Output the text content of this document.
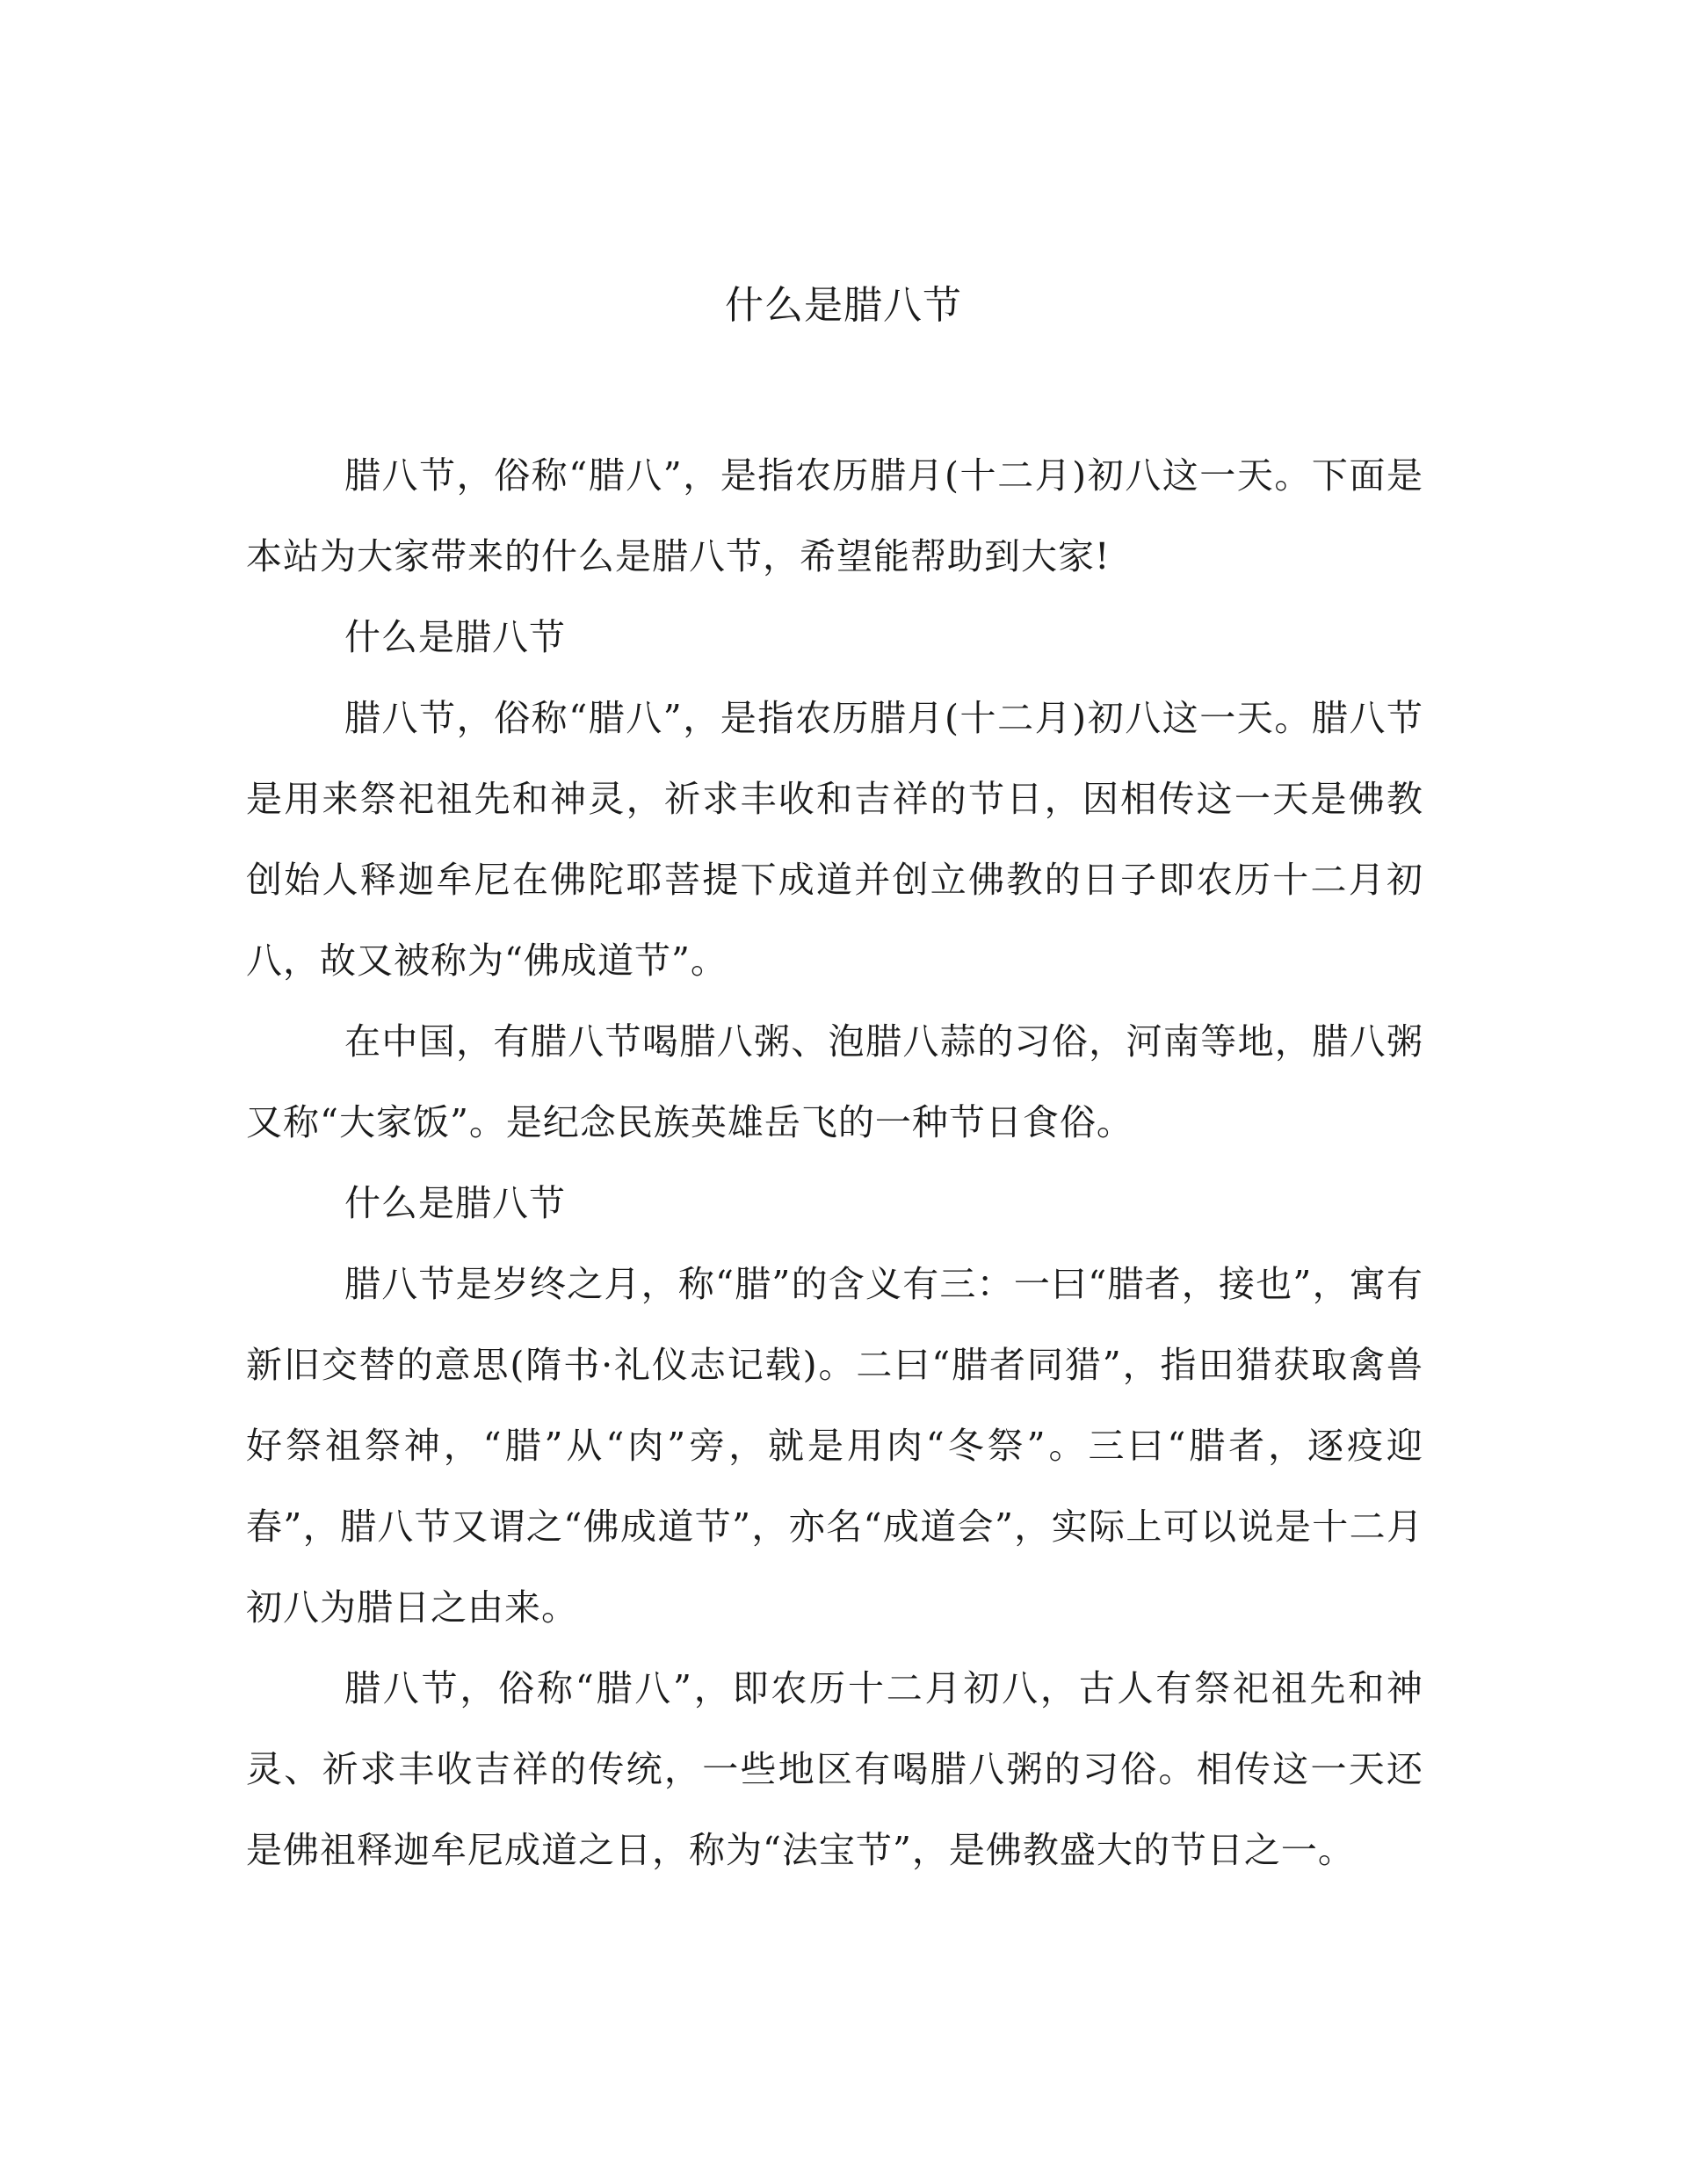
什么是腊八节

腊八节，俗称“腊八”，是指农历腊月(十二月)初八这一天。下面是本站为大家带来的什么是腊八节，希望能帮助到大家!

什么是腊八节

腊八节，俗称“腊八”，是指农历腊月(十二月)初八这一天。腊八节是用来祭祀祖先和神灵，祈求丰收和吉祥的节日，因相传这一天是佛教创始人释迦牟尼在佛陀耶菩提下成道并创立佛教的日子即农历十二月初八，故又被称为“佛成道节”。

在中国，有腊八节喝腊八粥、泡腊八蒜的习俗，河南等地，腊八粥又称“大家饭”。是纪念民族英雄岳飞的一种节日食俗。

什么是腊八节

腊八节是岁终之月，称“腊”的含义有三：一曰“腊者，接也”，寓有新旧交替的意思(隋书·礼仪志记载)。二曰“腊者同猎”，指田猎获取禽兽好祭祖祭神，“腊”从“肉”旁，就是用肉“冬祭”。三曰“腊者，逐疫迎春”，腊八节又谓之“佛成道节”，亦名“成道会”，实际上可以说是十二月初八为腊日之由来。

腊八节，俗称“腊八”，即农历十二月初八，古人有祭祀祖先和神灵、祈求丰收吉祥的传统，一些地区有喝腊八粥的习俗。相传这一天还是佛祖释迦牟尼成道之日，称为“法宝节”，是佛教盛大的节日之一。
